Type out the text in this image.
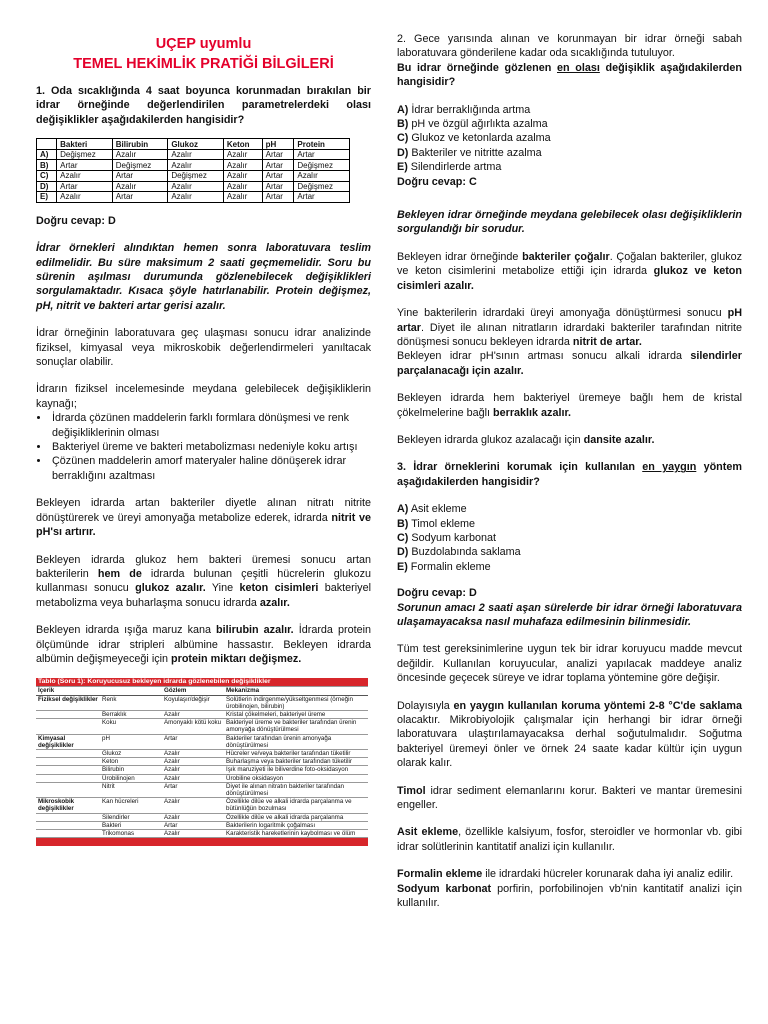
UÇEP uyumlu
TEMEL HEKİMLİK PRATİĞİ BİLGİLERİ

1. Oda sıcaklığında 4 saat boyunca korunmadan bırakılan bir idrar örneğinde değerlendirilen parametrelerdeki olası değişiklikler aşağıdakilerden hangisidir?

	Bakteri	Bilirubin	Glukoz	Keton	pH	Protein
A)	Değişmez	Azalır	Azalır	Azalır	Artar	Artar
B)	Artar	Değişmez	Azalır	Azalır	Artar	Değişmez
C)	Azalır	Artar	Değişmez	Azalır	Artar	Azalır
D)	Artar	Azalır	Azalır	Azalır	Artar	Değişmez
E)	Azalır	Artar	Azalır	Azalır	Artar	Artar

Doğru cevap: D

İdrar örnekleri alındıktan hemen sonra laboratuvara teslim edilmelidir. Bu süre maksimum 2 saati geçmemelidir. Soru bu sürenin aşılması durumunda gözlenebilecek değişiklikleri sorgulamaktadır. Kısaca şöyle hatırlanabilir. Protein değişmez, pH, nitrit ve bakteri artar gerisi azalır.

İdrar örneğinin laboratuvara geç ulaşması sonucu idrar analizinde fiziksel, kimyasal veya mikroskobik değerlendirmeleri yanıltacak sonuçlar olabilir.

İdrarın fiziksel incelemesinde meydana gelebilecek değişikliklerin kaynağı;

• İdrarda çözünen maddelerin farklı formlara dönüşmesi ve renk değişikliklerinin olması
• Bakteriyel üreme ve bakteri metabolizması nedeniyle koku artışı
• Çözünen maddelerin amorf materyaler haline dönüşerek idrar berraklığını azaltması

Bekleyen idrarda artan bakteriler diyetle alınan nitratı nitrite dönüştürerek ve üreyi amonyağa metabolize ederek, idrarda nitrit ve pH'sı artırır.

Bekleyen idrarda glukoz hem bakteri üremesi sonucu artan bakterilerin hem de idrarda bulunan çeşitli hücrelerin glukozu kullanması sonucu glukoz azalır. Yine keton cisimleri bakteriyel metabolizma veya buharlaşma sonucu idrarda azalır.

Bekleyen idrarda ışığa maruz kana bilirubin azalır. İdrarda protein ölçümünde idrar stripleri albümine hassastır. Bekleyen idrarda albümin değişmeyeceği için protein miktarı değişmez.

Tablo (Soru 1): Koruyucusuz bekleyen idrarda gözlenebilen değişiklikler			
İçerik		Gözlem	Mekanizma
Fiziksel değişiklikler	Renk	Koyulaşır/değişir	Solütlerin indirgenme/yükseltgenmesi (örneğin ürobilinojen, bilirubin)
	Berraklık	Azalır	Kristal çökelmeleri, bakteriyel üreme
	Koku	Amonyaklı kötü koku	Bakteriyel üreme ve bakteriler tarafından ürenin amonyağa dönüştürülmesi
Kimyasal değişiklikler	pH	Artar	Bakteriler tarafından ürenin amonyağa dönüştürülmesi
	Glukoz	Azalır	Hücreler ve/veya bakteriler tarafından tüketilir
	Keton	Azalır	Buharlaşma veya bakteriler tarafından tüketilir
	Bilirubin	Azalır	Işık maruziyeti ile biliverdine foto-oksidasyon
	Ürobilinojen	Azalır	Ürobiline oksidasyon
	Nitrit	Artar	Diyet ile alınan nitratın bakteriler tarafından dönüştürülmesi
Mikroskobik değişiklikler	Kan hücreleri	Azalır	Özellikle dilüe ve alkali idrarda parçalanma ve bütünlüğün bozulması
	Silendirler	Azalır	Özellikle dilüe ve alkali idrarda parçalanma
	Bakteri	Artar	Bakterilerin logaritmik çoğalması
	Trikomonas	Azalır	Karakteristik hareketlerinin kaybolması ve ölüm

2. Gece yarısında alınan ve korunmayan bir idrar örneği sabah laboratuvara gönderilene kadar oda sıcaklığında tutuluyor.

Bu idrar örneğinde gözlenen en olası değişiklik aşağıdakilerden hangisidir?

A) İdrar berraklığında artma

B) pH ve özgül ağırlıkta azalma

C) Glukoz ve ketonlarda azalma

D) Bakteriler ve nitritte azalma

E) Silendirlerde artma

Doğru cevap: C

Bekleyen idrar örneğinde meydana gelebilecek olası değişikliklerin sorgulandığı bir sorudur.

Bekleyen idrar örneğinde bakteriler çoğalır. Çoğalan bakteriler, glukoz ve keton cisimlerini metabolize ettiği için idrarda glukoz ve keton cisimleri azalır.

Yine bakterilerin idrardaki üreyi amonyağa dönüştürmesi sonucu pH artar. Diyet ile alınan nitratların idrardaki bakteriler tarafından nitrite dönüşmesi sonucu bekleyen idrarda nitrit de artar.

Bekleyen idrar pH'sının artması sonucu alkali idrarda silendirler parçalanacağı için azalır.

Bekleyen idrarda hem bakteriyel üremeye bağlı hem de kristal çökelmelerine bağlı berraklık azalır.

Bekleyen idrarda glukoz azalacağı için dansite azalır.

3. İdrar örneklerini korumak için kullanılan en yaygın yöntem aşağıdakilerden hangisidir?

A) Asit ekleme

B) Timol ekleme

C) Sodyum karbonat

D) Buzdolabında saklama

E) Formalin ekleme

Doğru cevap: D

Sorunun amacı 2 saati aşan sürelerde bir idrar örneği laboratuvara ulaşamayacaksa nasıl muhafaza edilmesinin bilinmesidir.

Tüm test gereksinimlerine uygun tek bir idrar koruyucu madde mevcut değildir. Kullanılan koruyucular, analizi yapılacak maddeye analiz öncesinde geçecek süreye ve idrar toplama yöntemine göre değişir.

Dolayısıyla en yaygın kullanılan koruma yöntemi 2-8 °C'de saklama olacaktır. Mikrobiyolojik çalışmalar için herhangi bir idrar örneği laboratuvara ulaştırılamayacaksa derhal soğutulmalıdır. Soğutma bakteriyel üremeyi önler ve örnek 24 saate kadar kültür için uygun olarak kalır.

Timol idrar sediment elemanlarını korur. Bakteri ve mantar üremesini engeller.

Asit ekleme, özellikle kalsiyum, fosfor, steroidler ve hormonlar vb. gibi idrar solütlerinin kantitatif analizi için kullanılır.

Formalin ekleme ile idrardaki hücreler korunarak daha iyi analiz edilir.

Sodyum karbonat porfirin, porfobilinojen vb'nin kantitatif analizi için kullanılır.
